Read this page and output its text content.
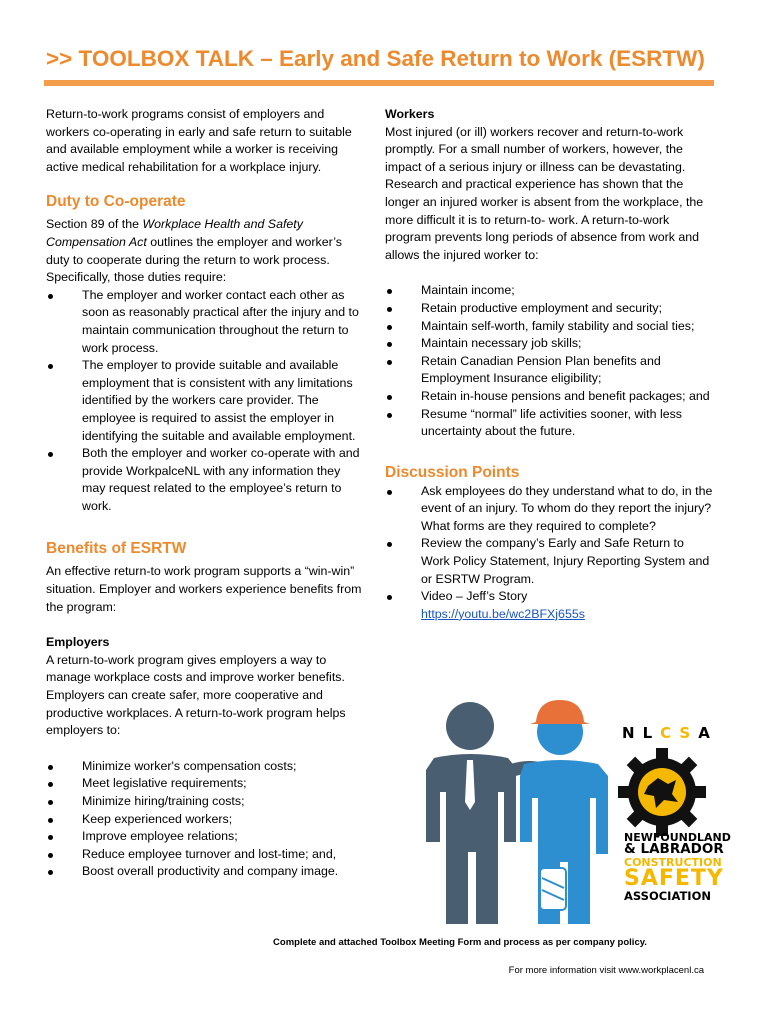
>> TOOLBOX TALK – Early and Safe Return to Work (ESRTW)

Return-to-work programs consist of employers and workers co-operating in early and safe return to suitable and available employment while a worker is receiving active medical rehabilitation for a workplace injury.

Duty to Co-operate

Section 89 of the Workplace Health and Safety Compensation Act outlines the employer and worker’s duty to cooperate during the return to work process. Specifically, those duties require:

The employer and worker contact each other as soon as reasonably practical after the injury and to maintain communication throughout the return to work process.
The employer to provide suitable and available employment that is consistent with any limitations identified by the workers care provider. The employee is required to assist the employer in identifying the suitable and available employment.
Both the employer and worker co-operate with and provide WorkpalceNL with any information they may request related to the employee’s return to work.
Benefits of ESRTW

An effective return-to work program supports a “win-win” situation. Employer and workers experience benefits from the program:

Employers

A return-to-work program gives employers a way to manage workplace costs and improve worker benefits. Employers can create safer, more cooperative and productive workplaces. A return-to-work program helps employers to:

Minimize worker's compensation costs;
Meet legislative requirements;
Minimize hiring/training costs;
Keep experienced workers;
Improve employee relations;
Reduce employee turnover and lost-time; and,
Boost overall productivity and company image.
Workers

Most injured (or ill) workers recover and return-to-work promptly. For a small number of workers, however, the impact of a serious injury or illness can be devastating. Research and practical experience has shown that the longer an injured worker is absent from the workplace, the more difficult it is to return-to- work. A return-to-work program prevents long periods of absence from work and allows the injured worker to:

Maintain income;
Retain productive employment and security;
Maintain self-worth, family stability and social ties;
Maintain necessary job skills;
Retain Canadian Pension Plan benefits and Employment Insurance eligibility;
Retain in-house pensions and benefit packages; and
Resume “normal” life activities sooner, with less uncertainty about the future.
Discussion Points
Ask employees do they understand what to do, in the event of an injury. To whom do they report the injury? What forms are they required to complete?
Review the company’s Early and Safe Return to Work Policy Statement, Injury Reporting System and or ESRTW Program.
Video – Jeff’s Story
https://youtu.be/wc2BFXj655s
NLCSA
NEWFOUNDLAND
& LABRADOR
CONSTRUCTION
SAFETY
ASSOCIATION
Complete and attached Toolbox Meeting Form and process as per company policy.
For more information visit www.workplacenl.ca
